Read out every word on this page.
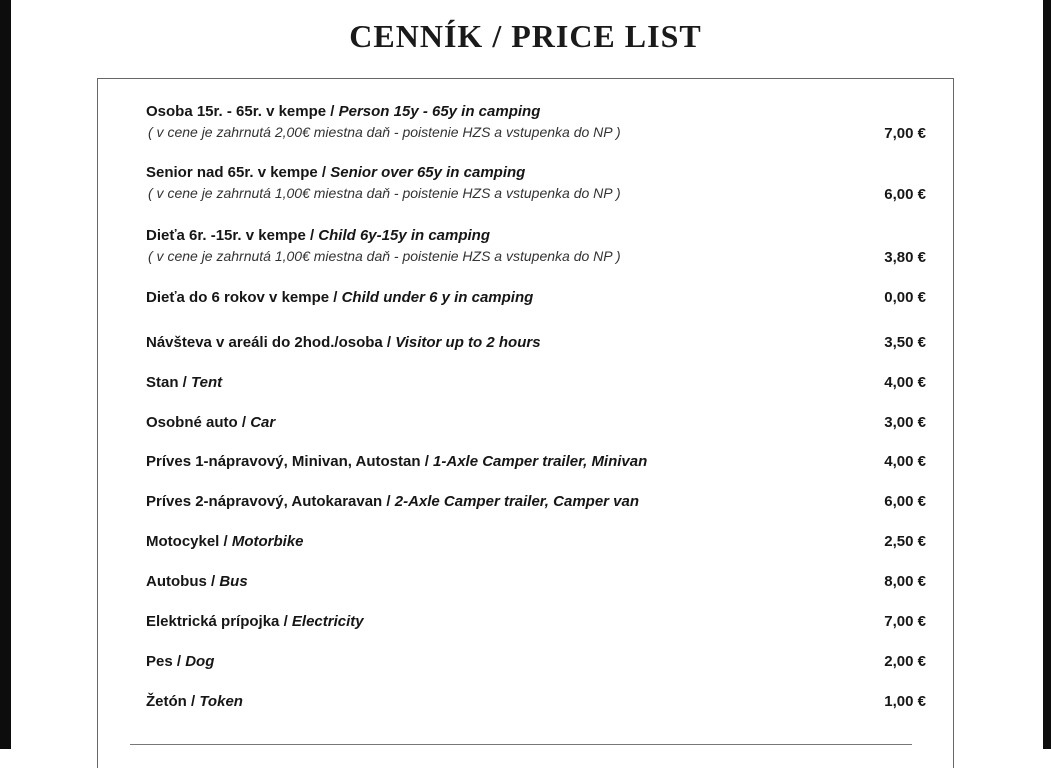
CENNÍK / PRICE LIST
Osoba 15r. - 65r. v kempe / Person 15y - 65y in camping
( v cene je zahrnutá 2,00€ miestna daň - poistenie HZS a vstupenka do NP )	7,00 €
Senior nad 65r. v kempe / Senior over 65y in camping
( v cene je zahrnutá 1,00€ miestna daň - poistenie HZS a vstupenka do NP )	6,00 €
Dieťa 6r. -15r. v kempe / Child 6y-15y in camping
( v cene je zahrnutá 1,00€ miestna daň - poistenie HZS a vstupenka do NP )	3,80 €
Dieťa do 6 rokov v kempe / Child under 6 y in camping	0,00 €
Návšteva v areáli do 2hod./osoba / Visitor up to 2 hours	3,50 €
Stan / Tent	4,00 €
Osobné auto / Car	3,00 €
Príves 1-nápravový, Minivan, Autostan / 1-Axle Camper trailer, Minivan	4,00 €
Príves 2-nápravový, Autokaravan / 2-Axle Camper trailer, Camper van	6,00 €
Motocykel / Motorbike	2,50 €
Autobus / Bus	8,00 €
Elektrická prípojka / Electricity	7,00 €
Pes / Dog	2,00 €
Žetón / Token	1,00 €
